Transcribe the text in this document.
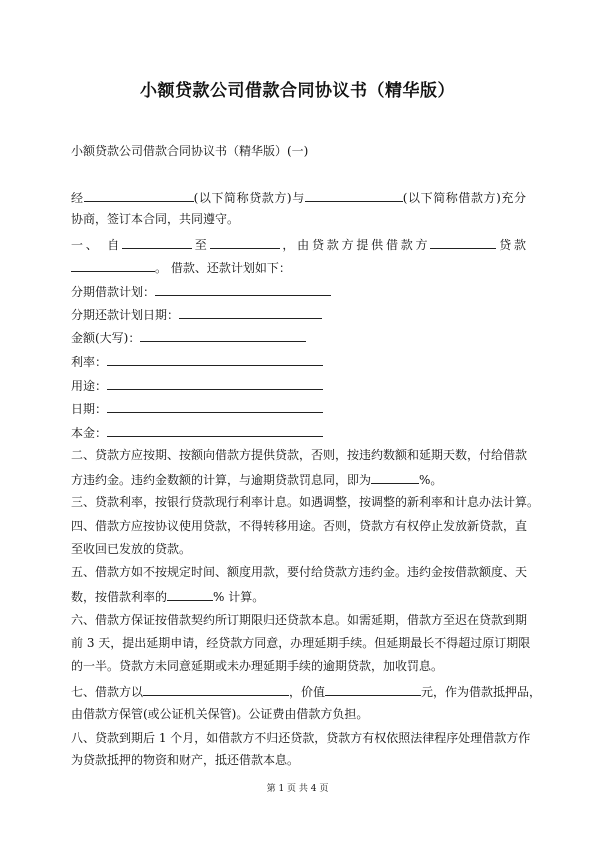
小额贷款公司借款合同协议书（精华版）
小额贷款公司借款合同协议书（精华版）(一)
经	(以下简称贷款方)与	(以下简称借款方)充分
协商，签订本合同，共同遵守。
一、 自	至	，由贷款方提供借款方	贷款
。 借款、还款计划如下：
分期借款计划：
分期还款计划日期：
金额(大写)：
利率：
用途：
日期：
本金：
二、贷款方应按期、按额向借款方提供贷款，否则，按违约数额和延期天数，付给借款
方违约金。违约金数额的计算，与逾期贷款罚息同，即为	%。
三、贷款利率，按银行贷款现行利率计息。如遇调整，按调整的新利率和计息办法计算。
四、借款方应按协议使用贷款，不得转移用途。否则，贷款方有权停止发放新贷款，直
至收回已发放的贷款。
五、借款方如不按规定时间、额度用款，要付给贷款方违约金。违约金按借款额度、天
数，按借款利率的	% 计算。
六、借款方保证按借款契约所订期限归还贷款本息。如需延期，借款方至迟在贷款到期
前 3 天，提出延期申请，经贷款方同意，办理延期手续。但延期最长不得超过原订期限
的一半。贷款方未同意延期或未办理延期手续的逾期贷款，加收罚息。
七、借款方以	，价值	元，作为借款抵押品，
由借款方保管(或公证机关保管)。公证费由借款方负担。
八、贷款到期后 1 个月，如借款方不归还贷款，贷款方有权依照法律程序处理借款方作
为贷款抵押的物资和财产，抵还借款本息。
第 1 页 共 4 页
